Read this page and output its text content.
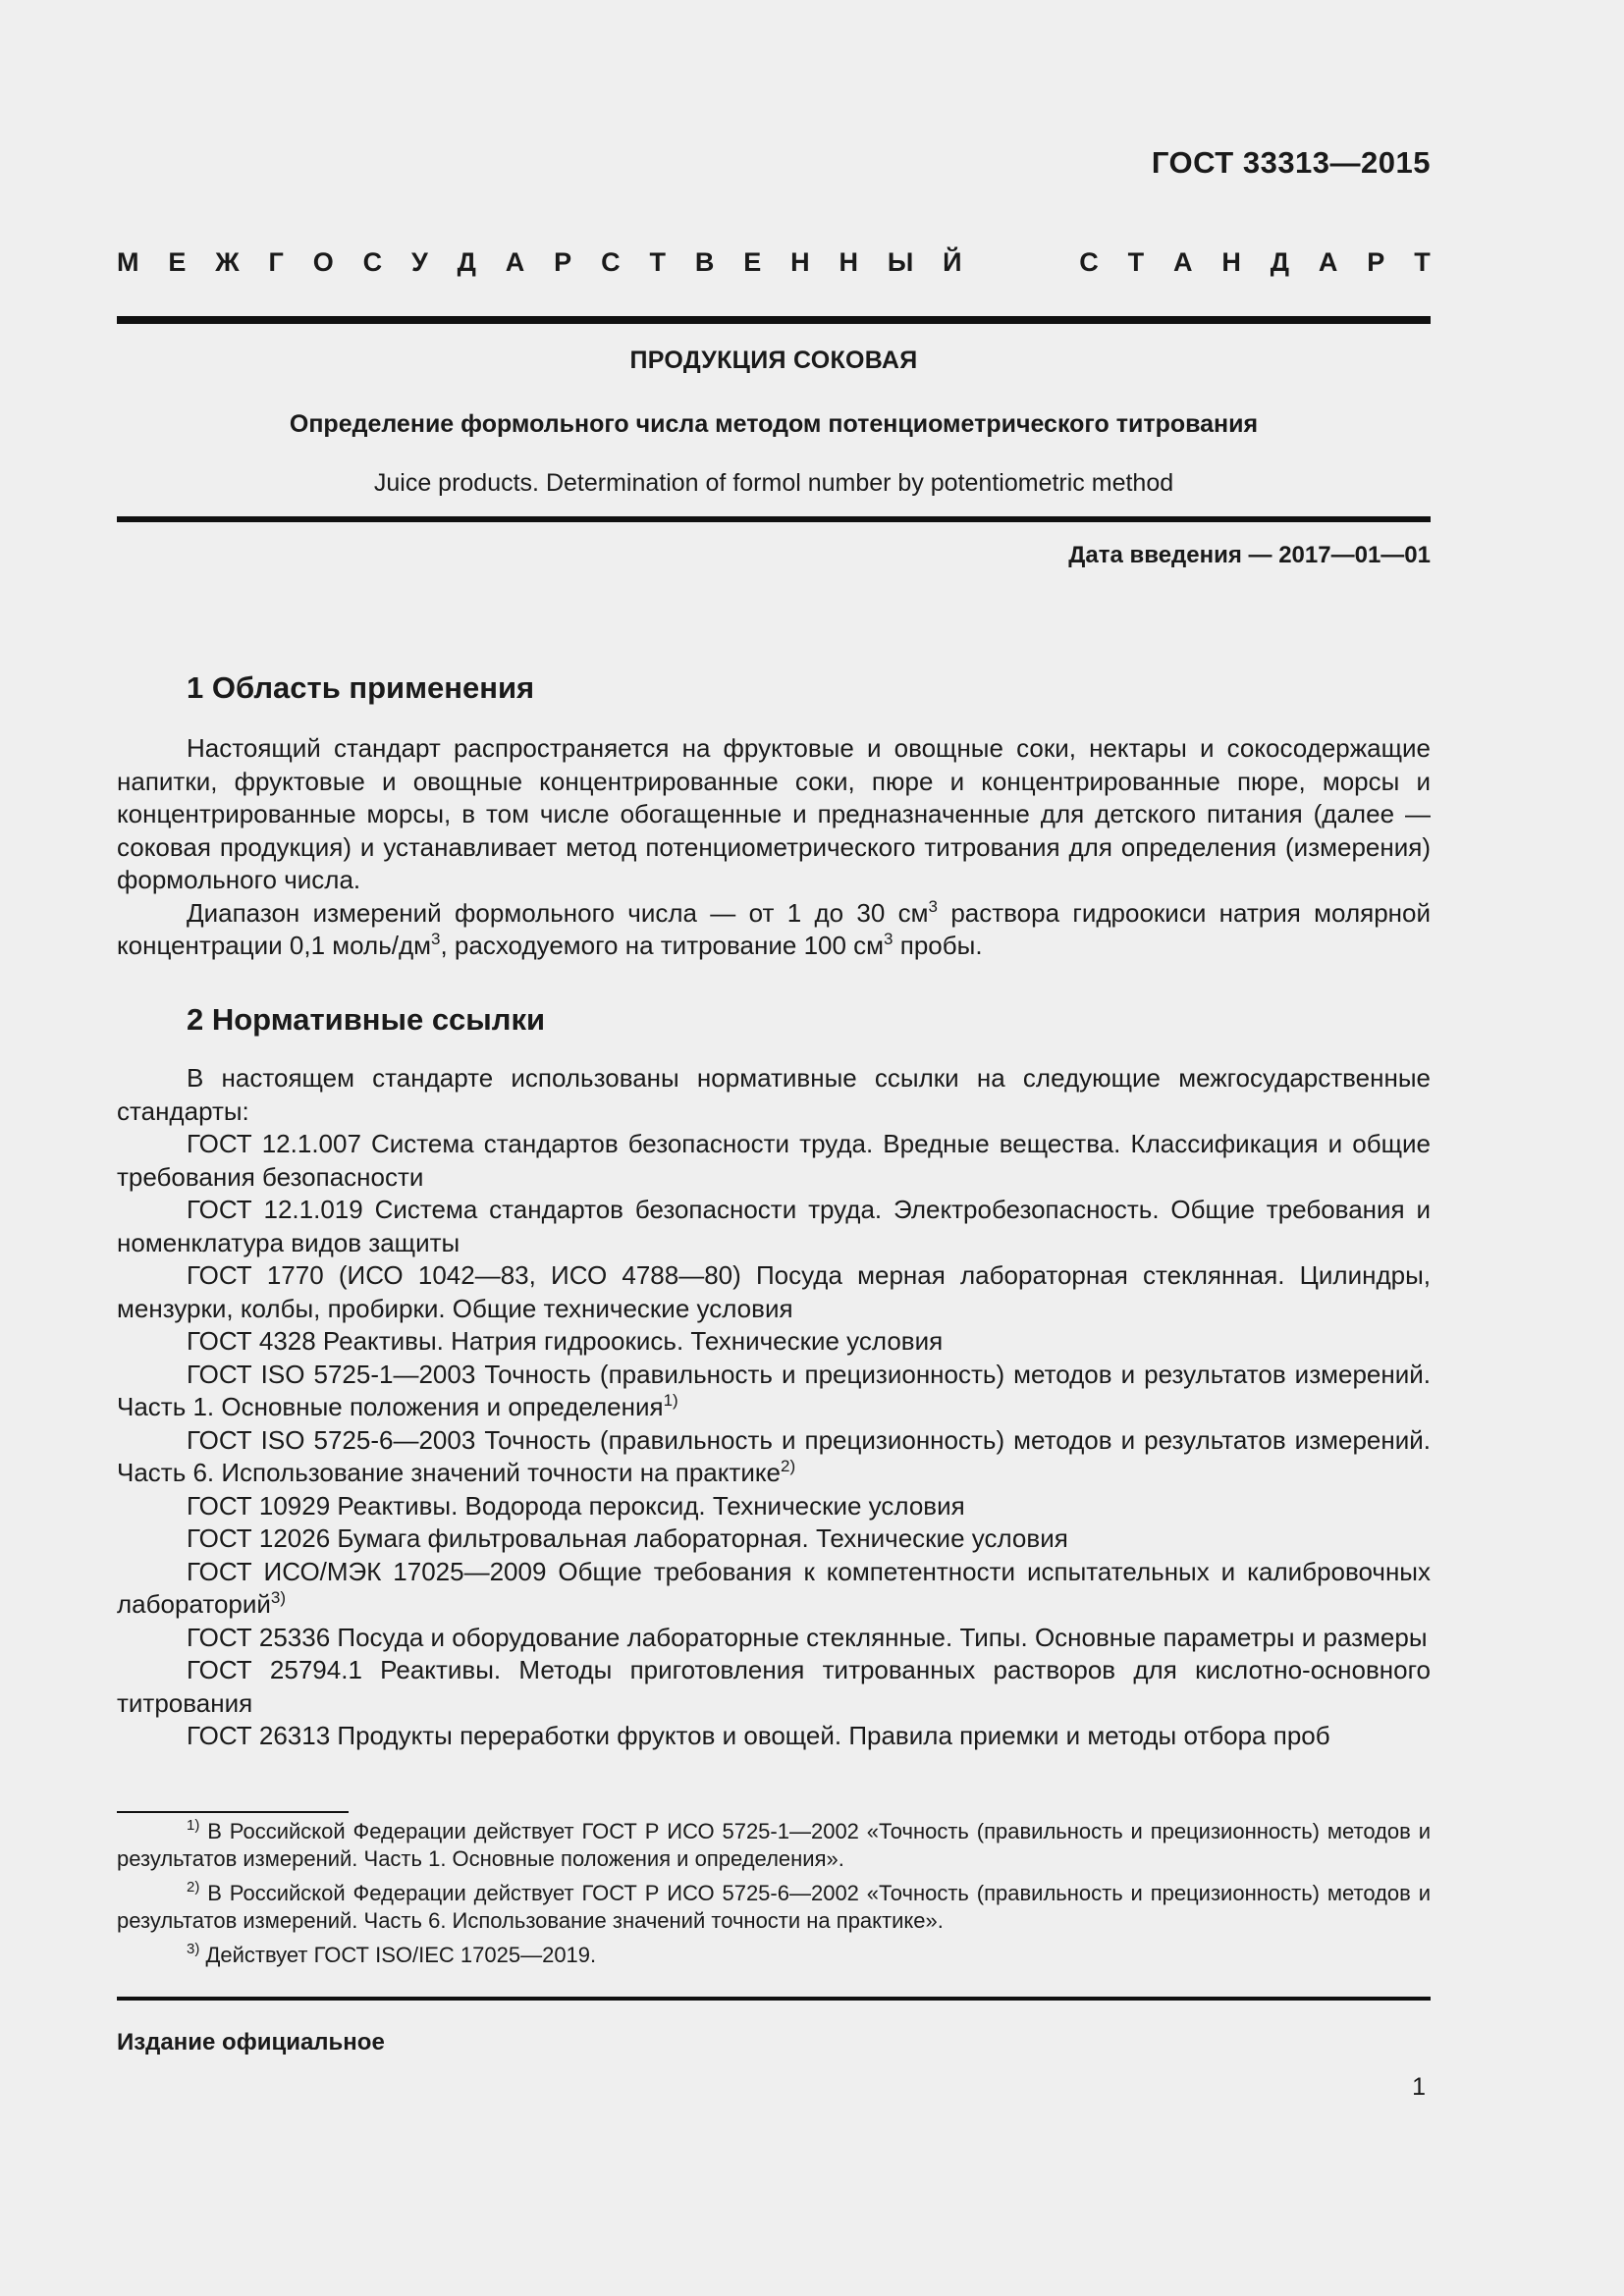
ГОСТ 33313—2015
М Е Ж Г О С У Д А Р С Т В Е Н Н Ы Й	С Т А Н Д А Р Т
ПРОДУКЦИЯ СОКОВАЯ
Определение формольного числа методом потенциометрического титрования
Juice products. Determination of formol number by potentiometric method
Дата введения — 2017—01—01
1 Область применения

Настоящий стандарт распространяется на фруктовые и овощные соки, нектары и сокосодержащие напитки, фруктовые и овощные концентрированные соки, пюре и концентрированные пюре, морсы и концентрированные морсы, в том числе обогащенные и предназначенные для детского питания (далее — соковая продукция) и устанавливает метод потенциометрического титрования для определения (измерения) формольного числа.

Диапазон измерений формольного числа — от 1 до 30 $см^3$ раствора гидроокиси натрия молярной концентрации 0,1 моль/$дм^3$, расходуемого на титрование 100 $см^3$ пробы.

2 Нормативные ссылки

В настоящем стандарте использованы нормативные ссылки на следующие межгосударственные стандарты:

ГОСТ 12.1.007 Система стандартов безопасности труда. Вредные вещества. Классификация и общие требования безопасности

ГОСТ 12.1.019 Система стандартов безопасности труда. Электробезопасность. Общие требования и номенклатура видов защиты

ГОСТ 1770 (ИСО 1042—83, ИСО 4788—80) Посуда мерная лабораторная стеклянная. Цилиндры, мензурки, колбы, пробирки. Общие технические условия

ГОСТ 4328 Реактивы. Натрия гидроокись. Технические условия

ГОСТ ISO 5725-1—2003 Точность (правильность и прецизионность) методов и результатов измерений. Часть 1. Основные положения и определения$^{1)}$

ГОСТ ISO 5725-6—2003 Точность (правильность и прецизионность) методов и результатов измерений. Часть 6. Использование значений точности на практике$^{2)}$

ГОСТ 10929 Реактивы. Водорода пероксид. Технические условия

ГОСТ 12026 Бумага фильтровальная лабораторная. Технические условия

ГОСТ ИСО/МЭК 17025—2009 Общие требования к компетентности испытательных и калибровочных лабораторий$^{3)}$

ГОСТ 25336 Посуда и оборудование лабораторные стеклянные. Типы. Основные параметры и размеры

ГОСТ 25794.1 Реактивы. Методы приготовления титрованных растворов для кислотно-основного титрования

ГОСТ 26313 Продукты переработки фруктов и овощей. Правила приемки и методы отбора проб

$^{1)}$ В Российской Федерации действует ГОСТ Р ИСО 5725-1—2002 «Точность (правильность и прецизионность) методов и результатов измерений. Часть 1. Основные положения и определения».

$^{2)}$ В Российской Федерации действует ГОСТ Р ИСО 5725-6—2002 «Точность (правильность и прецизионность) методов и результатов измерений. Часть 6. Использование значений точности на практике».

$^{3)}$ Действует ГОСТ ISO/IEC 17025—2019.

Издание официальное
1
